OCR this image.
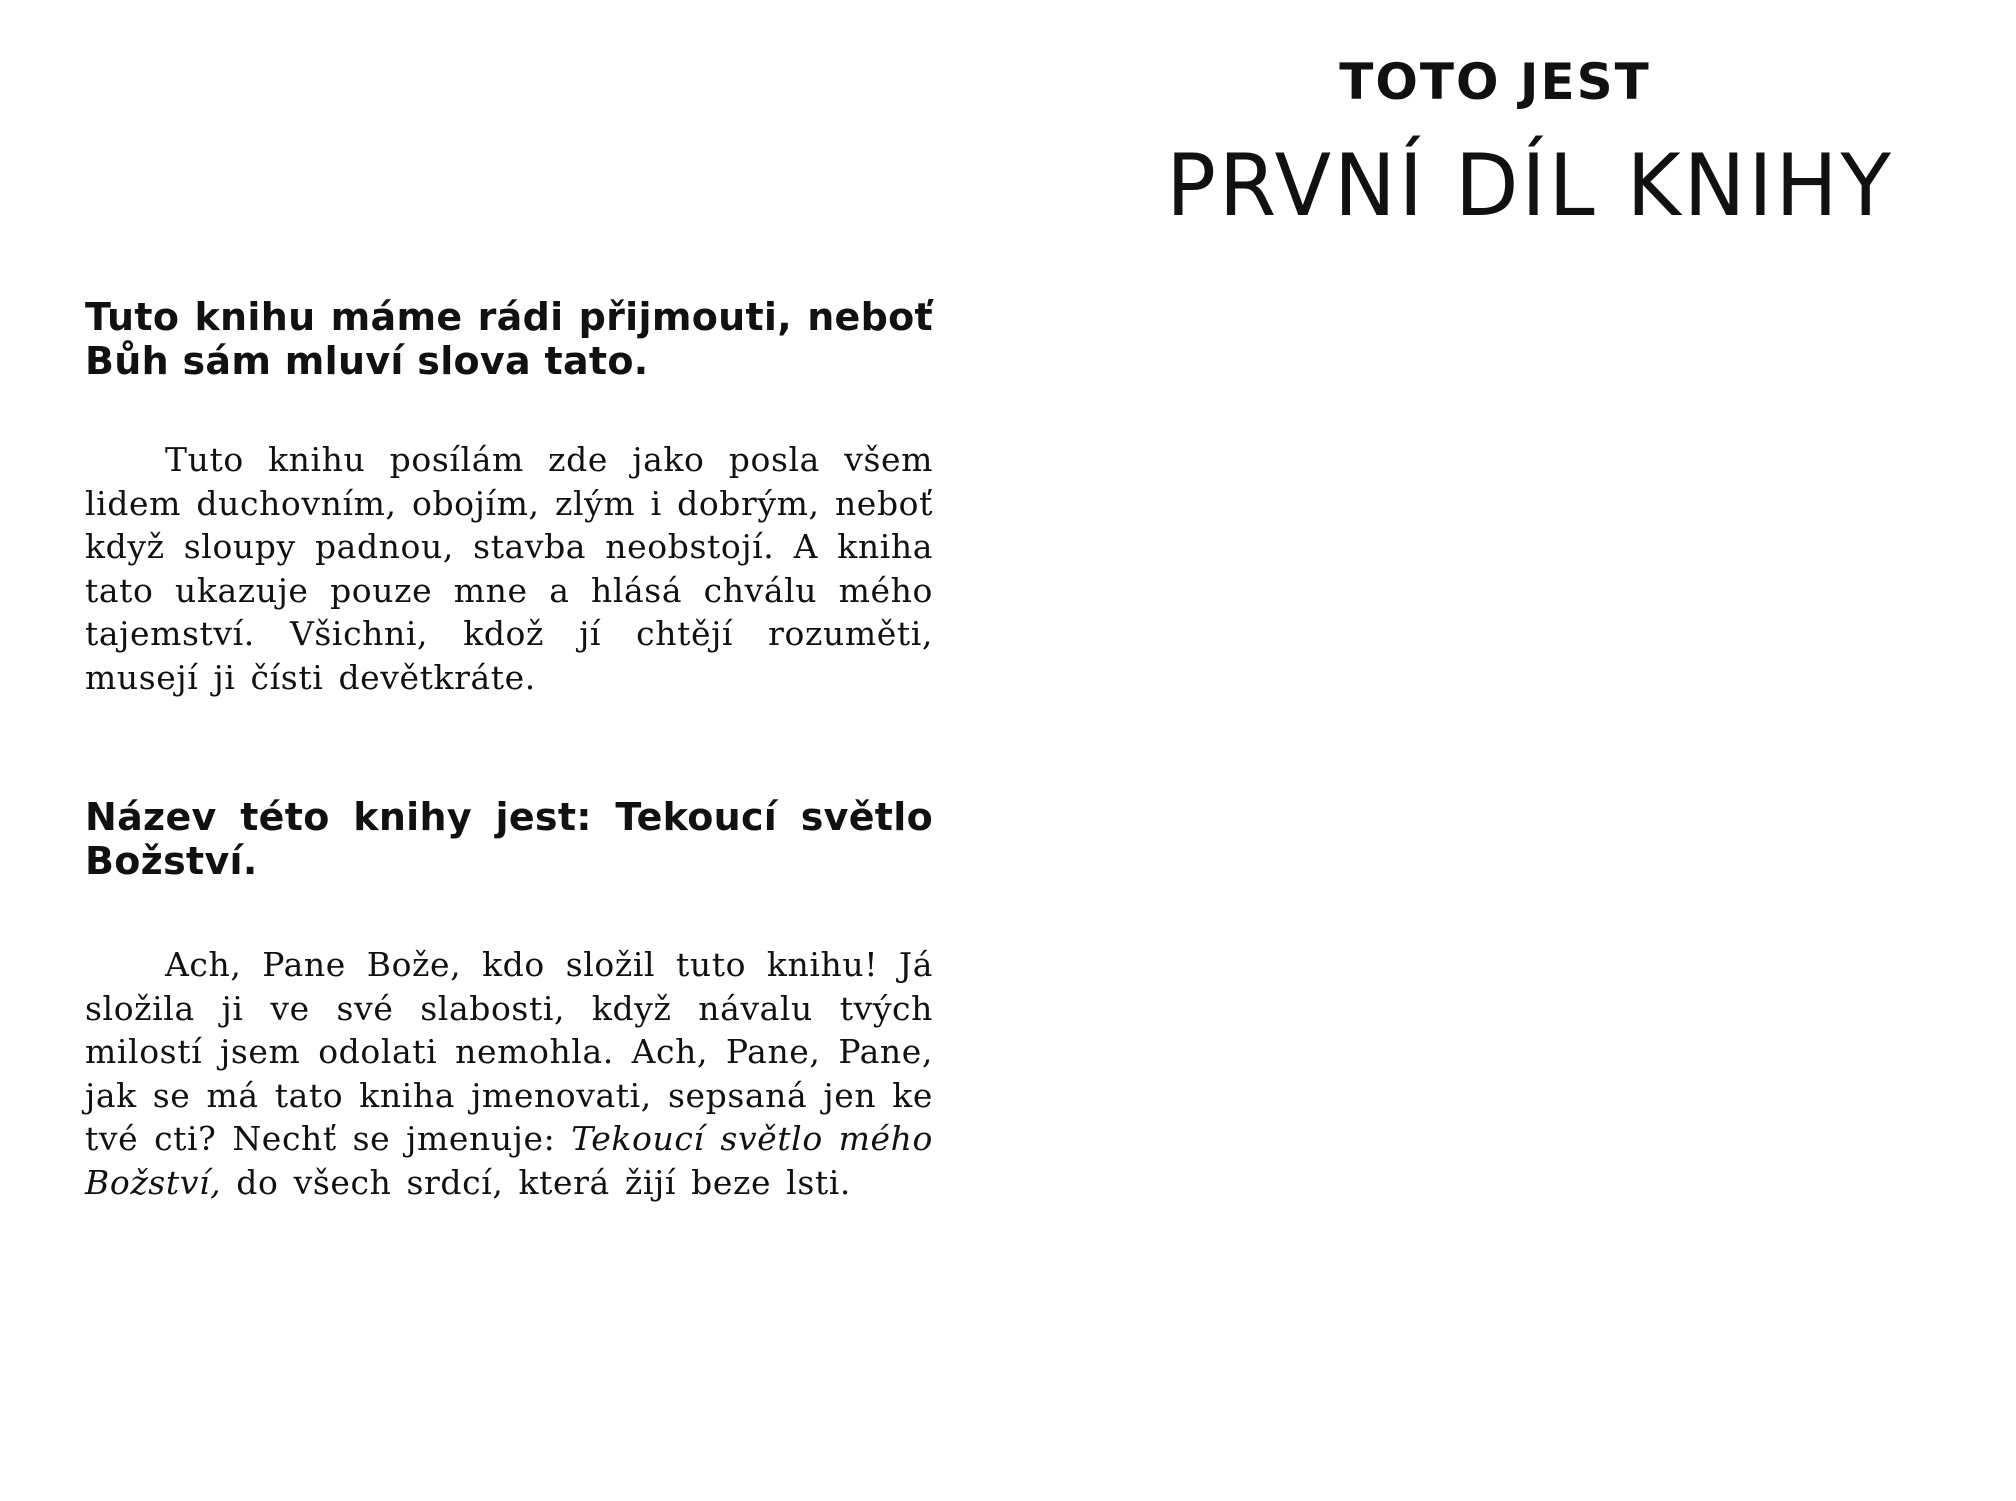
Tuto knihu máme rádi přijmouti, neboť Bůh sám mluví slova tato.

Tuto knihu posílám zde jako posla všem lidem duchovním, obojím, zlým i dobrým, neboť když sloupy padnou, stavba neobstojí. A kniha tato ukazuje pouze mne a hlásá chválu mého tajemství. Všichni, kdož jí chtějí rozuměti, musejí ji čísti devětkráte.

Název této knihy jest: Tekoucí světlo Božství.

Ach, Pane Bože, kdo složil tuto knihu! Já složila ji ve své slabosti, když návalu tvých milostí jsem odolati nemohla. Ach, Pane, Pane, jak se má tato kniha jmenovati, sepsaná jen ke tvé cti? Nechť se jmenuje: Tekoucí světlo mého Božství, do všech srdcí, která žijí beze lsti.

TOTO JEST

PRVNÍ DÍL KNIHY
